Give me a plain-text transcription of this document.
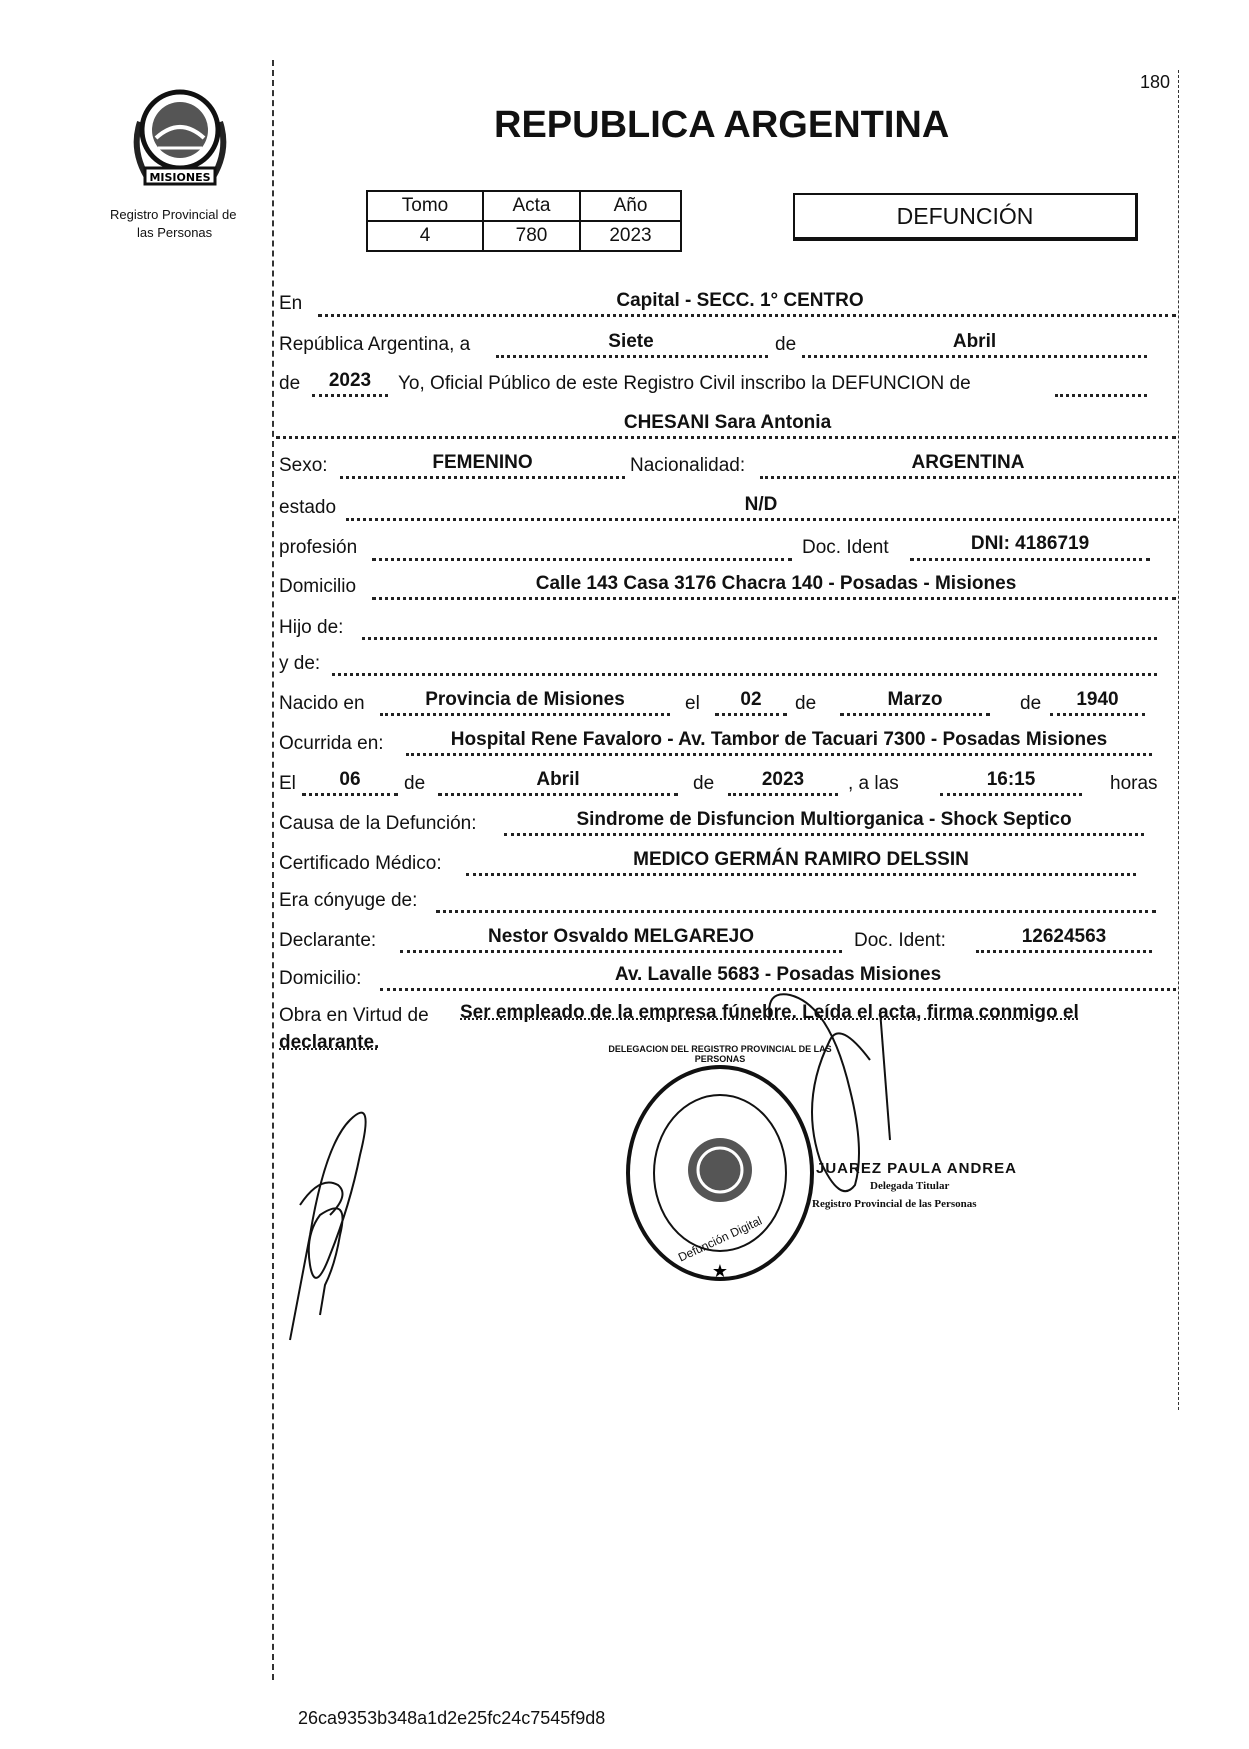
180
MISIONES
Registro Provincial de
las Personas
REPUBLICA ARGENTINA
Tomo	Acta	Año
4	780	2023
DEFUNCIÓN
En	Capital - SECC. 1° CENTRO
República Argentina, a	Siete	de	Abril
de	2023	Yo, Oficial Público de este Registro Civil inscribo la DEFUNCION de
CHESANI Sara Antonia
Sexo:	FEMENINO	Nacionalidad:	ARGENTINA
estado	N/D
profesión	Doc. Ident	DNI: 4186719
Domicilio	Calle 143 Casa 3176 Chacra 140 - Posadas - Misiones
Hijo de:
y de:
Nacido en	Provincia de Misiones	el	02	de	Marzo	de	1940
Ocurrida en:	Hospital Rene Favaloro - Av. Tambor de Tacuari 7300 - Posadas Misiones
El	06	de	Abril	de	2023	, a las	16:15	horas
Causa de la Defunción:	Sindrome de Disfuncion Multiorganica - Shock Septico
Certificado Médico:	MEDICO GERMÁN RAMIRO DELSSIN
Era cónyuge de:
Declarante:	Nestor Osvaldo MELGAREJO	Doc. Ident:	12624563
Domicilio:	Av. Lavalle 5683 - Posadas Misiones
Obra en Virtud de Ser empleado de la empresa fúnebre. Leída el acta, firma conmigo el
declarante.
★
DELEGACION DEL REGISTRO PROVINCIAL DE LAS PERSONAS
Defunción Digital
JUAREZ PAULA ANDREA
Delegada Titular
Registro Provincial de las Personas
26ca9353b348a1d2e25fc24c7545f9d8
